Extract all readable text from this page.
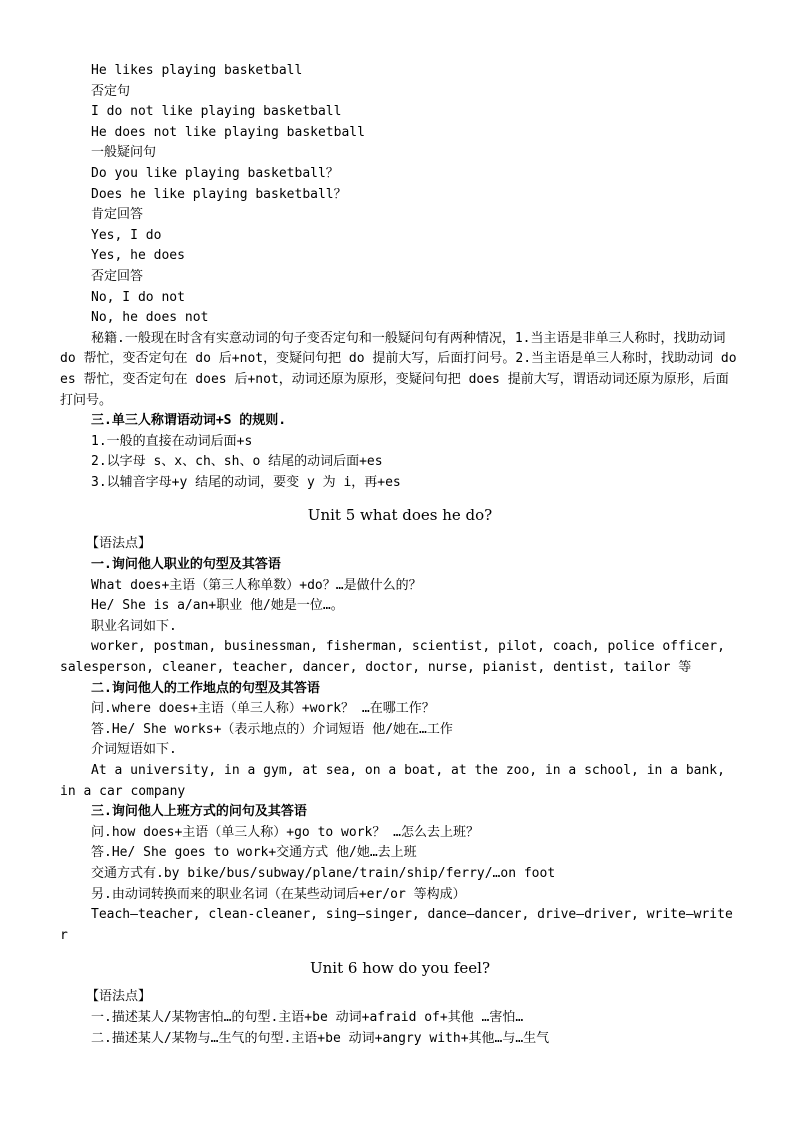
He likes playing basketball
否定句
I do not like playing basketball
He does not like playing basketball
一般疑问句
Do you like playing basketball？
Does he like playing basketball？
肯定回答
Yes, I do
Yes, he does
否定回答
No, I do not
No, he does not
秘籍.一般现在时含有实意动词的句子变否定句和一般疑问句有两种情况，1.当主语是非单三人称时，找助动词 do 帮忙，变否定句在 do 后+not，变疑问句把 do 提前大写，后面打问号。2.当主语是单三人称时，找助动词 does 帮忙，变否定句在 does 后+not，动词还原为原形，变疑问句把 does 提前大写，谓语动词还原为原形，后面打问号。
三.单三人称谓语动词+S 的规则.
1.一般的直接在动词后面+s
2.以字母 s、x、ch、sh、o 结尾的动词后面+es
3.以辅音字母+y 结尾的动词，要变 y 为 i，再+es
Unit 5 what does he do?
【语法点】
一.询问他人职业的句型及其答语
What does+主语（第三人称单数）+do？…是做什么的？
He/ She is a/an+职业 他/她是一位…。
职业名词如下.
worker, postman, businessman, fisherman, scientist, pilot, coach, police officer, salesperson, cleaner, teacher, dancer, doctor, nurse, pianist, dentist, tailor 等
二.询问他人的工作地点的句型及其答语
问.where does+主语（单三人称）+work？ …在哪工作？
答.He/ She works+（表示地点的）介词短语 他/她在…工作
介词短语如下.
At a university, in a gym, at sea, on a boat, at the zoo, in a school, in a bank, in a car company
三.询问他人上班方式的问句及其答语
问.how does+主语（单三人称）+go to work？ …怎么去上班？
答.He/ She goes to work+交通方式 他/她…去上班
交通方式有.by bike/bus/subway/plane/train/ship/ferry/…on foot
另.由动词转换而来的职业名词（在某些动词后+er/or 等构成）
Teach—teacher, clean-cleaner, sing—singer, dance—dancer, drive—driver, write—writer
Unit 6 how do you feel?
【语法点】
一.描述某人/某物害怕…的句型.主语+be 动词+afraid of+其他 …害怕…
二.描述某人/某物与…生气的句型.主语+be 动词+angry with+其他…与…生气
